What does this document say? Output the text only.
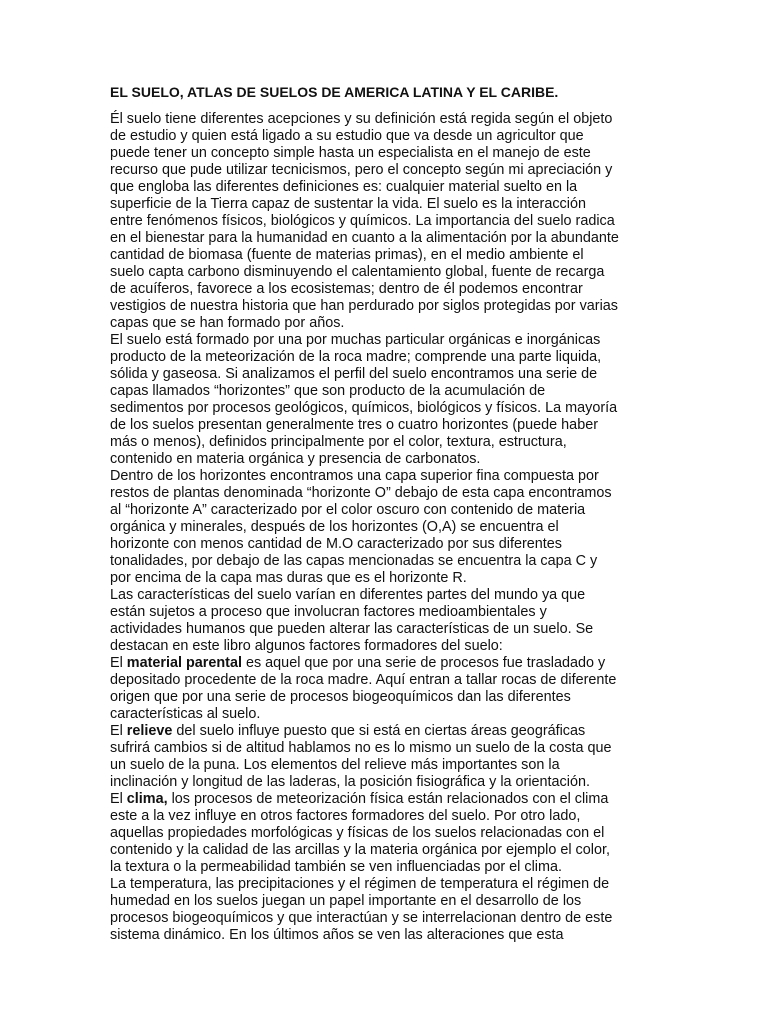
EL SUELO, ATLAS DE SUELOS DE AMERICA LATINA Y EL CARIBE.
Él suelo tiene diferentes acepciones y su definición está regida según el objeto
de estudio y quien está ligado a su estudio que va desde un agricultor que
puede tener un concepto simple hasta un especialista en el manejo de este
recurso que pude utilizar tecnicismos, pero el concepto según mi apreciación y
que engloba las diferentes definiciones es: cualquier material suelto en la
superficie de la Tierra capaz de sustentar la vida. El suelo es la interacción
entre fenómenos físicos, biológicos y químicos. La importancia del suelo radica
en el bienestar para la humanidad en cuanto a la alimentación por la abundante
cantidad de biomasa (fuente de materias primas), en el medio ambiente el
suelo capta carbono disminuyendo el calentamiento global, fuente de recarga
de acuíferos, favorece a los ecosistemas; dentro de él podemos encontrar
vestigios de nuestra historia que han perdurado por siglos protegidas por varias
capas que se han formado por años.
El suelo está formado por una por muchas particular orgánicas e inorgánicas
producto de la meteorización de la roca madre; comprende una parte liquida,
sólida y gaseosa. Si analizamos el perfil del suelo encontramos una serie de
capas llamados “horizontes” que son producto de la acumulación de
sedimentos por procesos geológicos, químicos, biológicos y físicos. La mayoría
de los suelos presentan generalmente tres o cuatro horizontes (puede haber
más o menos), definidos principalmente por el color, textura, estructura,
contenido en materia orgánica y presencia de carbonatos.
Dentro de los horizontes encontramos una capa superior fina compuesta por
restos de plantas denominada “horizonte O” debajo de esta capa encontramos
al “horizonte A” caracterizado por el color oscuro con contenido de materia
orgánica y minerales, después de los horizontes (O,A) se encuentra el
horizonte con menos cantidad de M.O caracterizado por sus diferentes
tonalidades, por debajo de las capas mencionadas se encuentra la capa C y
por encima de la capa mas duras que es el horizonte R.
Las características del suelo varían en diferentes partes del mundo ya que
están sujetos a proceso que involucran factores medioambientales y
actividades humanos que pueden alterar las características de un suelo. Se
destacan en este libro algunos factores formadores del suelo:
El material parental es aquel que por una serie de procesos fue trasladado y
depositado procedente de la roca madre. Aquí entran a tallar rocas de diferente
origen que por una serie de procesos biogeoquímicos dan las diferentes
características al suelo.
El relieve del suelo influye puesto que si está en ciertas áreas geográficas
sufrirá cambios si de altitud hablamos no es lo mismo un suelo de la costa que
un suelo de la puna. Los elementos del relieve más importantes son la
inclinación y longitud de las laderas, la posición fisiográfica y la orientación.
El clima, los procesos de meteorización física están relacionados con el clima
este a la vez influye en otros factores formadores del suelo. Por otro lado,
aquellas propiedades morfológicas y físicas de los suelos relacionadas con el
contenido y la calidad de las arcillas y la materia orgánica por ejemplo el color,
la textura o la permeabilidad también se ven influenciadas por el clima.
La temperatura, las precipitaciones y el régimen de temperatura el régimen de
humedad en los suelos juegan un papel importante en el desarrollo de los
procesos biogeoquímicos y que interactúan y se interrelacionan dentro de este
sistema dinámico. En los últimos años se ven las alteraciones que esta
